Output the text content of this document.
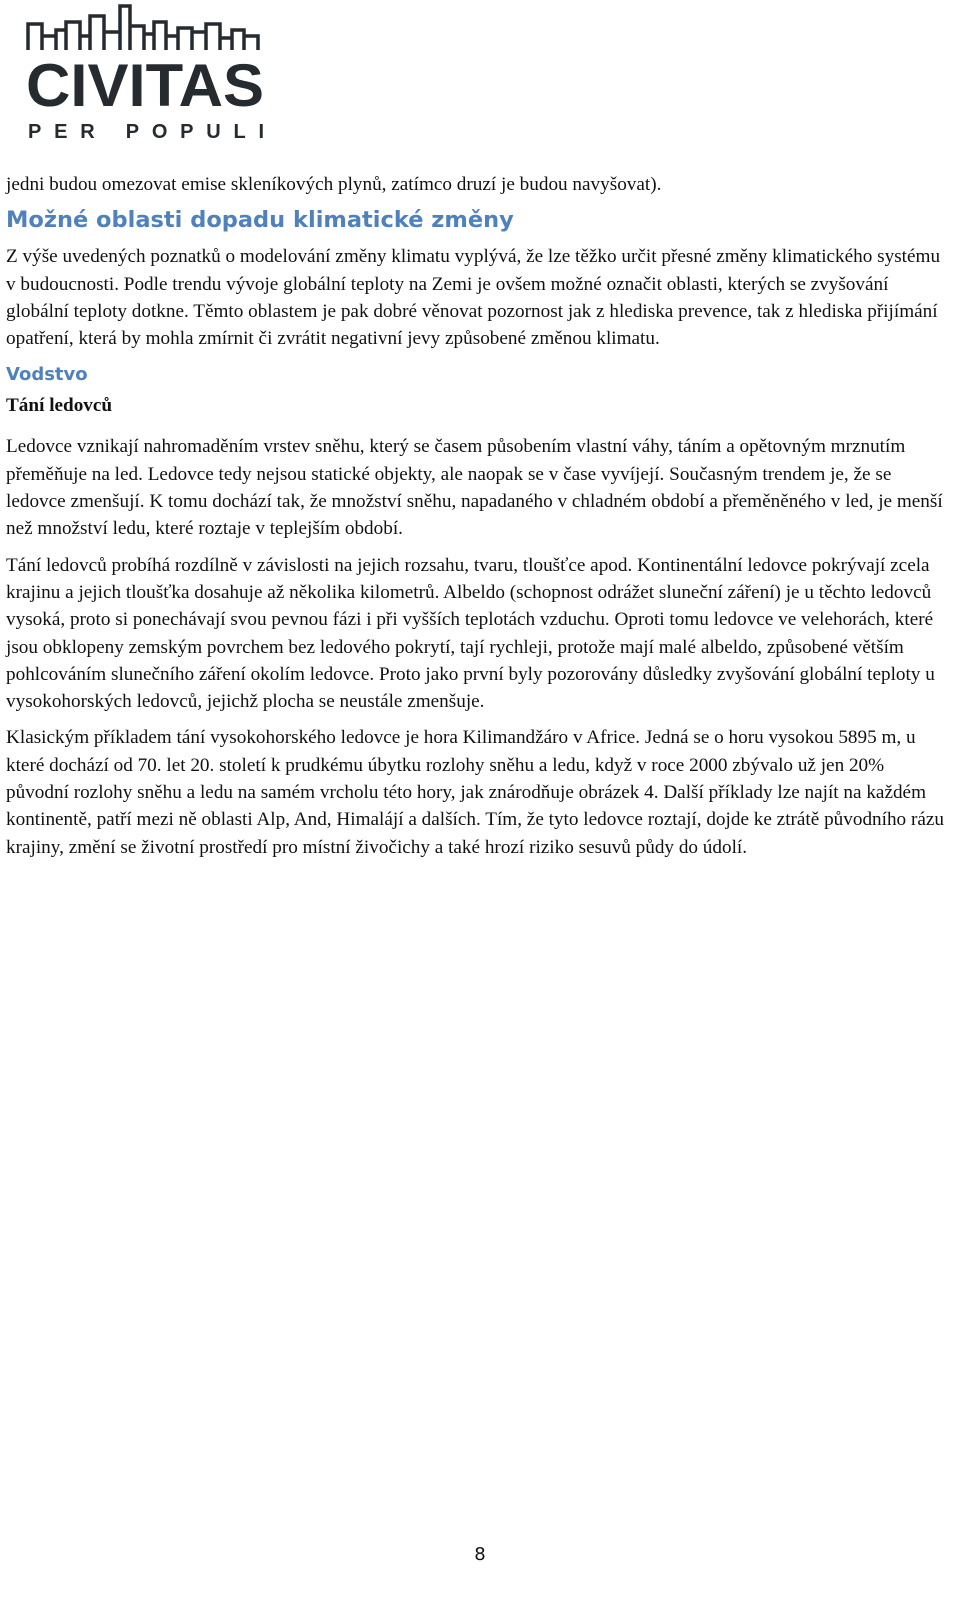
CIVITAS
PER POPULI

jedni budou omezovat emise skleníkových plynů, zatímco druzí je budou navyšovat).

Možné oblasti dopadu klimatické změny

Z výše uvedených poznatků o modelování změny klimatu vyplývá, že lze těžko určit přesné změny klimatického systému v budoucnosti. Podle trendu vývoje globální teploty na Zemi je ovšem možné označit oblasti, kterých se zvyšování globální teploty dotkne. Těmto oblastem je pak dobré věnovat pozornost jak z hlediska prevence, tak z hlediska přijímání opatření, která by mohla zmírnit či zvrátit negativní jevy způsobené změnou klimatu.

Vodstvo
Tání ledovců

Ledovce vznikají nahromaděním vrstev sněhu, který se časem působením vlastní váhy, táním a opětovným mrznutím přeměňuje na led. Ledovce tedy nejsou statické objekty, ale naopak se v čase vyvíjejí. Současným trendem je, že se ledovce zmenšují. K tomu dochází tak, že množství sněhu, napadaného v chladném období a přeměněného v led, je menší než množství ledu, které roztaje v teplejším období.

Tání ledovců probíhá rozdílně v závislosti na jejich rozsahu, tvaru, tloušťce apod. Kontinentální ledovce pokrývají zcela krajinu a jejich tloušťka dosahuje až několika kilometrů. Albeldo (schopnost odrážet sluneční záření) je u těchto ledovců vysoká, proto si ponechávají svou pevnou fázi i při vyšších teplotách vzduchu. Oproti tomu ledovce ve velehorách, které jsou obklopeny zemským povrchem bez ledového pokrytí, tají rychleji, protože mají malé albeldo, způsobené větším pohlcováním slunečního záření okolím ledovce. Proto jako první byly pozorovány důsledky zvyšování globální teploty u vysokohorských ledovců, jejichž plocha se neustále zmenšuje.

Klasickým příkladem tání vysokohorského ledovce je hora Kilimandžáro v Africe. Jedná se o horu vysokou 5895 m, u které dochází od 70. let 20. století k prudkému úbytku rozlohy sněhu a ledu, když v roce 2000 zbývalo už jen 20% původní rozlohy sněhu a ledu na samém vrcholu této hory, jak znárodňuje obrázek 4. Další příklady lze najít na každém kontinentě, patří mezi ně oblasti Alp, And, Himalájí a dalších. Tím, že tyto ledovce roztají, dojde ke ztrátě původního rázu krajiny, změní se životní prostředí pro místní živočichy a také hrozí riziko sesuvů půdy do údolí.

8
